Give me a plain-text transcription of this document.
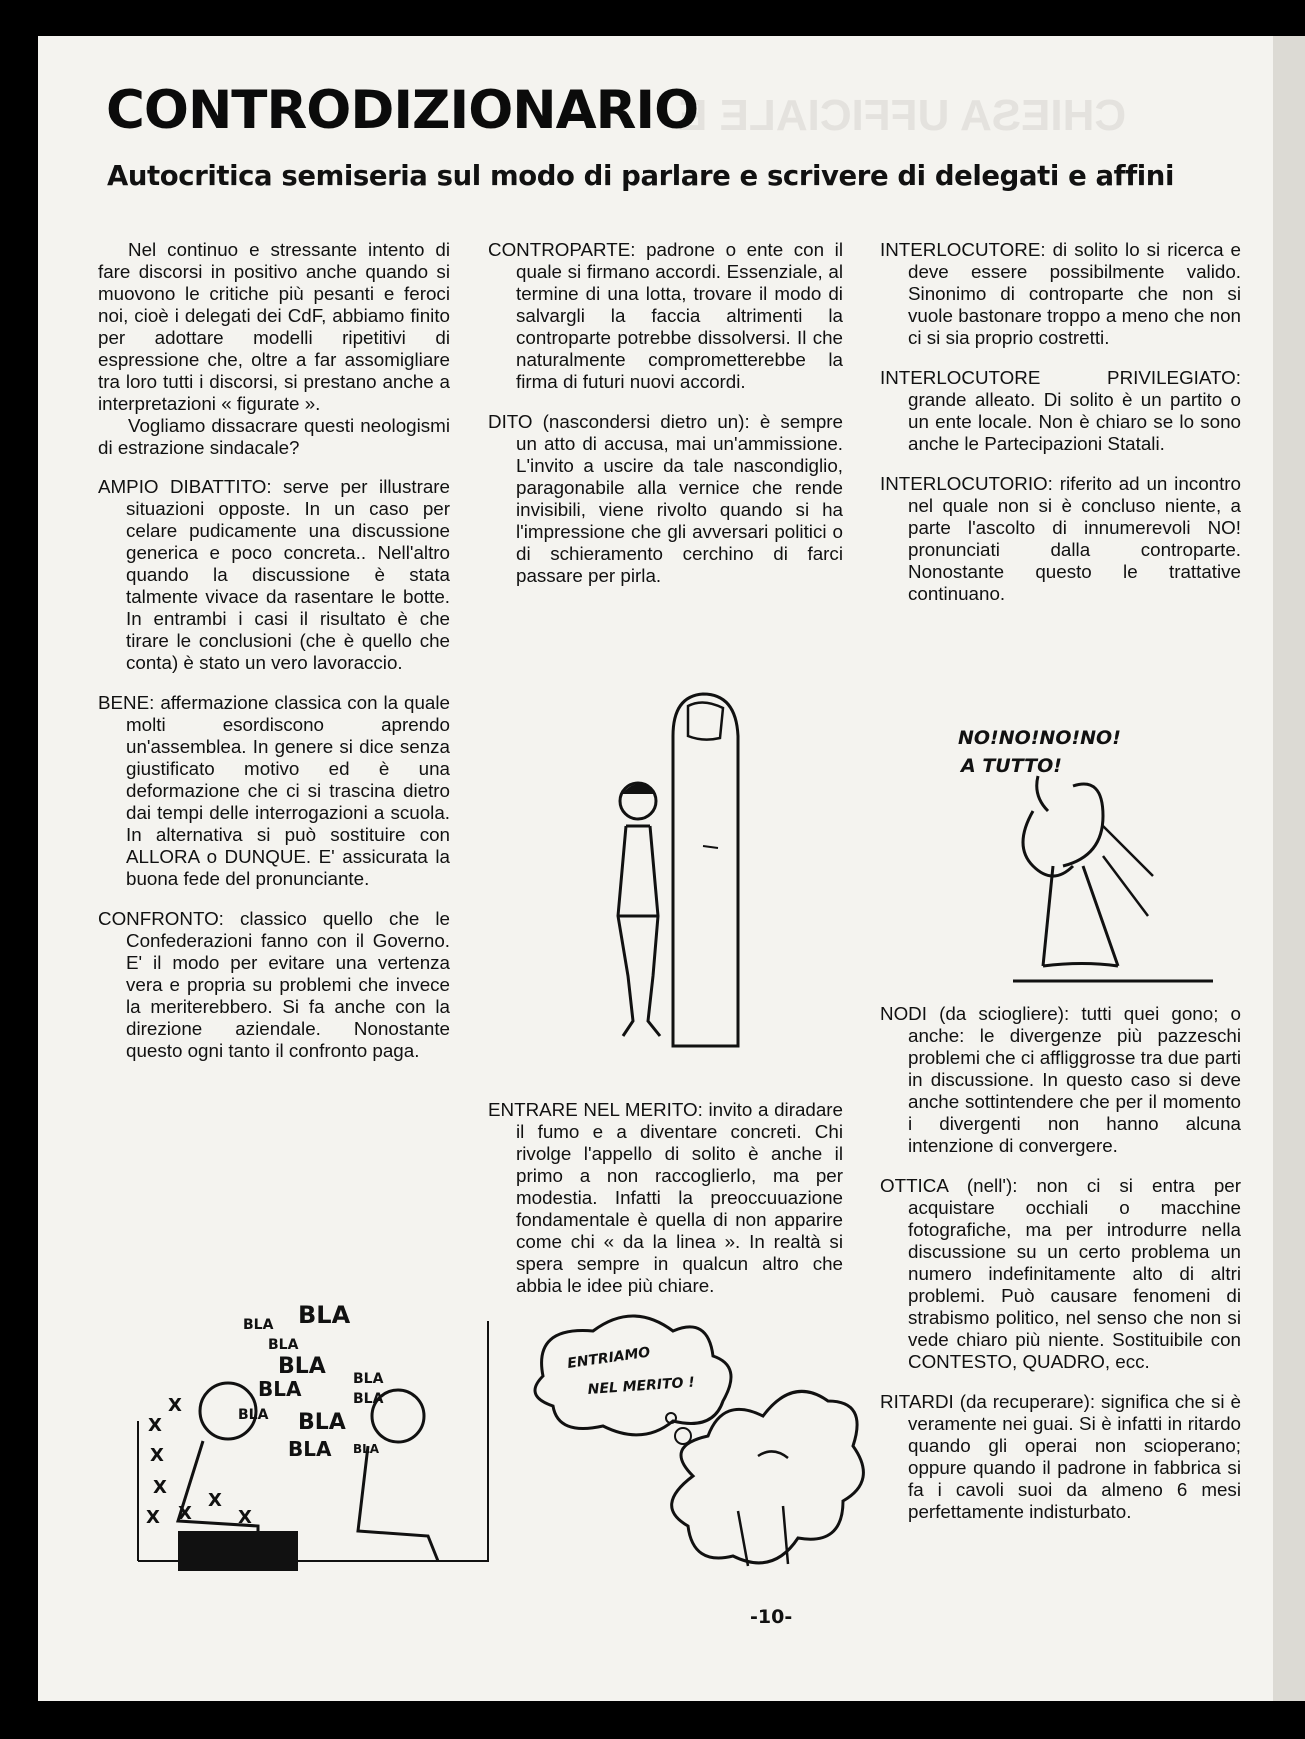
CHIESA UFFICIALE E
CONTRODIZIONARIO
Autocritica semiseria sul modo di parlare e scrivere di delegati e affini

Nel continuo e stressante intento di fare discorsi in positivo anche quando si muovono le critiche più pesanti e feroci noi, cioè i delegati dei CdF, abbiamo finito per adottare modelli ripetitivi di espressione che, oltre a far assomigliare tra loro tutti i discorsi, si prestano anche a interpretazioni « figurate ».

Vogliamo dissacrare questi neologismi di estrazione sindacale?

AMPIO DIBATTITO: serve per illustrare situazioni opposte. In un caso per celare pudicamente una discussione generica e poco concreta.. Nell'altro quando la discussione è stata talmente vivace da rasentare le botte. In entrambi i casi il risultato è che tirare le conclusioni (che è quello che conta) è stato un vero lavoraccio.

BENE: affermazione classica con la quale molti esordiscono aprendo un'assemblea. In genere si dice senza giustificato motivo ed è una deformazione che ci si trascina dietro dai tempi delle interrogazioni a scuola. In alternativa si può sostituire con ALLORA o DUNQUE. E' assicurata la buona fede del pronunciante.

CONFRONTO: classico quello che le Confederazioni fanno con il Governo. E' il modo per evitare una vertenza vera e propria su problemi che invece la meriterebbero. Si fa anche con la direzione aziendale. Nonostante questo ogni tanto il confronto paga.

CONTROPARTE: padrone o ente con il quale si firmano accordi. Essenziale, al termine di una lotta, trovare il modo di salvargli la faccia altrimenti la controparte potrebbe dissolversi. Il che naturalmente comprometterebbe la firma di futuri nuovi accordi.

DITO (nascondersi dietro un): è sempre un atto di accusa, mai un'ammissione. L'invito a uscire da tale nascondiglio, paragonabile alla vernice che rende invisibili, viene rivolto quando si ha l'impressione che gli avversari politici o di schieramento cerchino di farci passare per pirla.

ENTRARE NEL MERITO: invito a diradare il fumo e a diventare concreti. Chi rivolge l'appello di solito è anche il primo a non raccoglierlo, ma per modestia. Infatti la preoccuuazione fondamentale è quella di non apparire come chi « da la linea ». In realtà si spera sempre in qualcun altro che abbia le idee più chiare.

INTERLOCUTORE: di solito lo si ricerca e deve essere possibilmente valido. Sinonimo di controparte che non si vuole bastonare troppo a meno che non ci si sia proprio costretti.

INTERLOCUTORE PRIVILEGIATO: grande alleato. Di solito è un partito o un ente locale. Non è chiaro se lo sono anche le Partecipazioni Statali.

INTERLOCUTORIO: riferito ad un incontro nel quale non si è concluso niente, a parte l'ascolto di innumerevoli NO! pronunciati dalla controparte. Nonostante questo le trattative continuano.

NODI (da sciogliere): tutti quei gono; o anche: le divergenze più pazzeschi problemi che ci affliggrosse tra due parti in discussione. In questo caso si deve anche sottintendere che per il momento i divergenti non hanno alcuna intenzione di convergere.

OTTICA (nell'): non ci si entra per acquistare occhiali o macchine fotografiche, ma per introdurre nella discussione su un certo problema un numero indefinitamente alto di altri problemi. Può causare fenomeni di strabismo politico, nel senso che non si vede chiaro più niente. Sostituibile con CONTESTO, QUADRO, ecc.

RITARDI (da recuperare): significa che si è veramente nei guai. Si è infatti in ritardo quando gli operai non scioperano; oppure quando il padrone in fabbrica si fa i cavoli suoi da almeno 6 mesi perfettamente indisturbato.

BLA BLA
BLA
BLA
BLA	BLA
BLA BLA
BLA
BLA BLA
X
X
X
X
X
X
X
X
ENTRIAMO
NEL MERITO !
NO!NO!NO!NO!
A TUTTO!
-10-
